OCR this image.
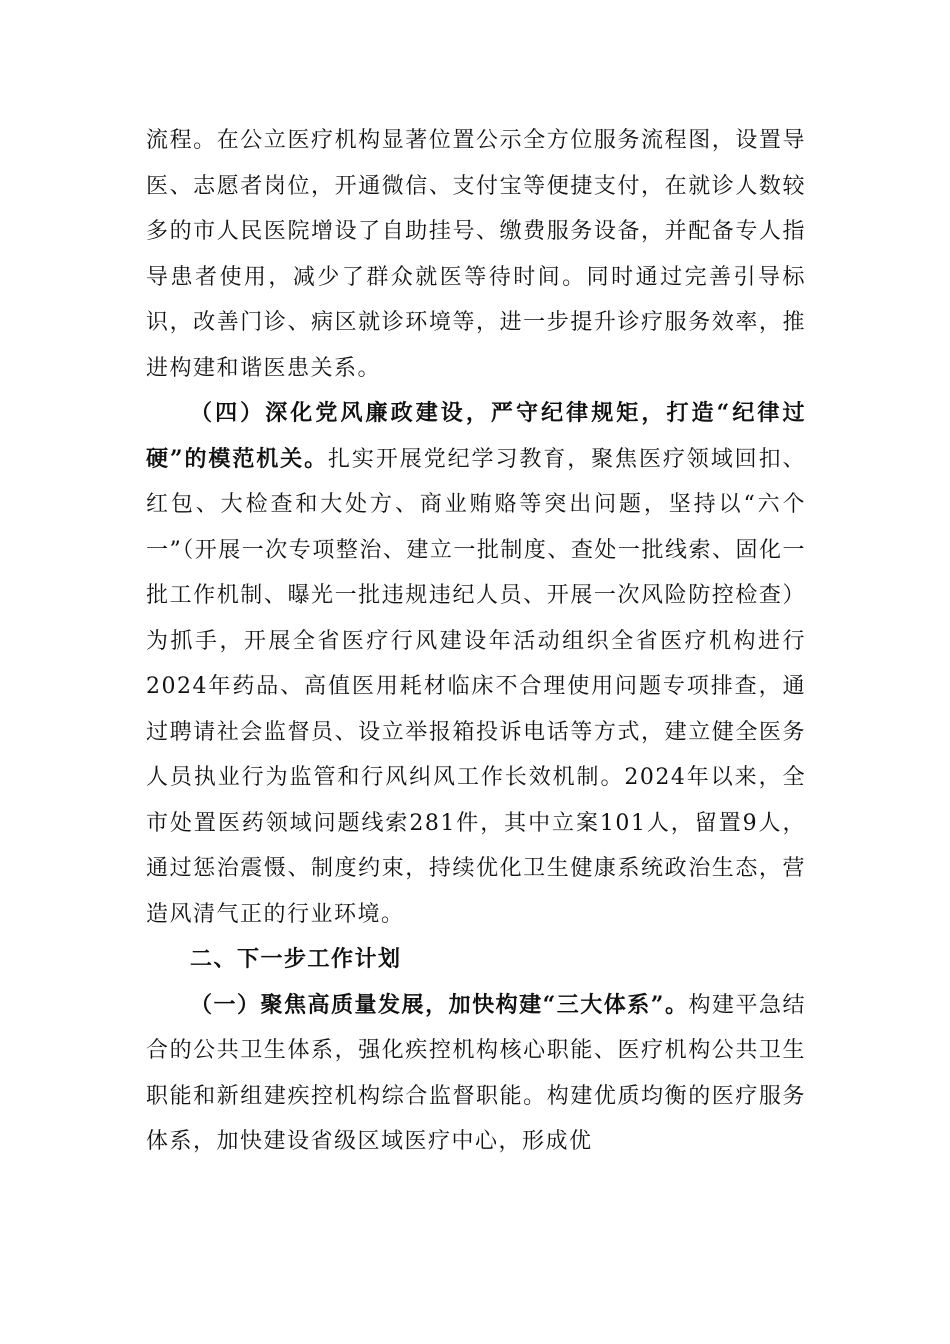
流程。在公立医疗机构显著位置公示全方位服务流程图，设置导医、志愿者岗位，开通微信、支付宝等便捷支付，在就诊人数较多的市人民医院增设了自助挂号、缴费服务设备，并配备专人指导患者使用，减少了群众就医等待时间。同时通过完善引导标识，改善门诊、病区就诊环境等，进一步提升诊疗服务效率，推进构建和谐医患关系。

（四）深化党风廉政建设，严守纪律规矩，打造“纪律过硬”的模范机关。扎实开展党纪学习教育，聚焦医疗领域回扣、红包、大检查和大处方、商业贿赂等突出问题，坚持以“六个一”（开展一次专项整治、建立一批制度、查处一批线索、固化一批工作机制、曝光一批违规违纪人员、开展一次风险防控检查）为抓手，开展全省医疗行风建设年活动组织全省医疗机构进行2024年药品、高值医用耗材临床不合理使用问题专项排查，通过聘请社会监督员、设立举报箱投诉电话等方式，建立健全医务人员执业行为监管和行风纠风工作长效机制。2024年以来，全市处置医药领域问题线索281件，其中立案101人，留置9人，通过惩治震慑、制度约束，持续优化卫生健康系统政治生态，营造风清气正的行业环境。

二、下一步工作计划

（一）聚焦高质量发展，加快构建“三大体系”。构建平急结合的公共卫生体系，强化疾控机构核心职能、医疗机构公共卫生职能和新组建疾控机构综合监督职能。构建优质均衡的医疗服务体系，加快建设省级区域医疗中心，形成优
